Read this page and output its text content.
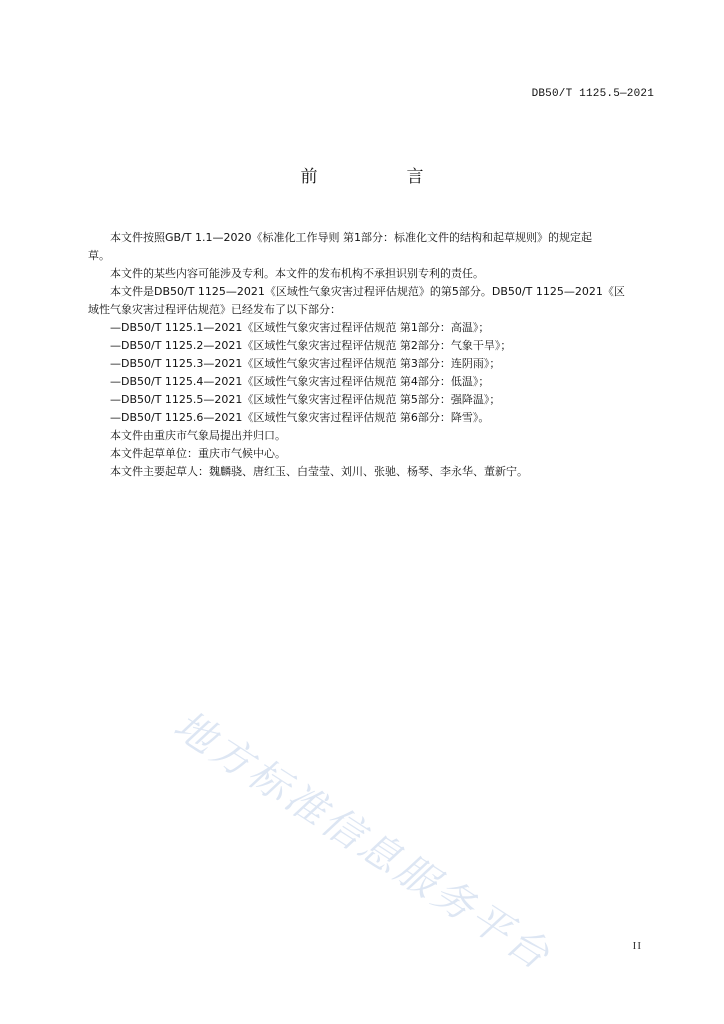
DB50/T 1125.5—2021
前　言

本文件按照GB/T 1.1—2020《标准化工作导则 第1部分：标准化文件的结构和起草规则》的规定起

草。

本文件的某些内容可能涉及专利。本文件的发布机构不承担识别专利的责任。

本文件是DB50/T 1125—2021《区域性气象灾害过程评估规范》的第5部分。DB50/T 1125—2021《区

域性气象灾害过程评估规范》已经发布了以下部分：

—DB50/T 1125.1—2021《区域性气象灾害过程评估规范 第1部分：高温》；

—DB50/T 1125.2—2021《区域性气象灾害过程评估规范 第2部分：气象干旱》；

—DB50/T 1125.3—2021《区域性气象灾害过程评估规范 第3部分：连阴雨》；

—DB50/T 1125.4—2021《区域性气象灾害过程评估规范 第4部分：低温》；

—DB50/T 1125.5—2021《区域性气象灾害过程评估规范 第5部分：强降温》；

—DB50/T 1125.6—2021《区域性气象灾害过程评估规范 第6部分：降雪》。

本文件由重庆市气象局提出并归口。

本文件起草单位：重庆市气候中心。

本文件主要起草人：魏麟骁、唐红玉、白莹莹、刘川、张驰、杨琴、李永华、董新宁。

地方标准信息服务平台	II
